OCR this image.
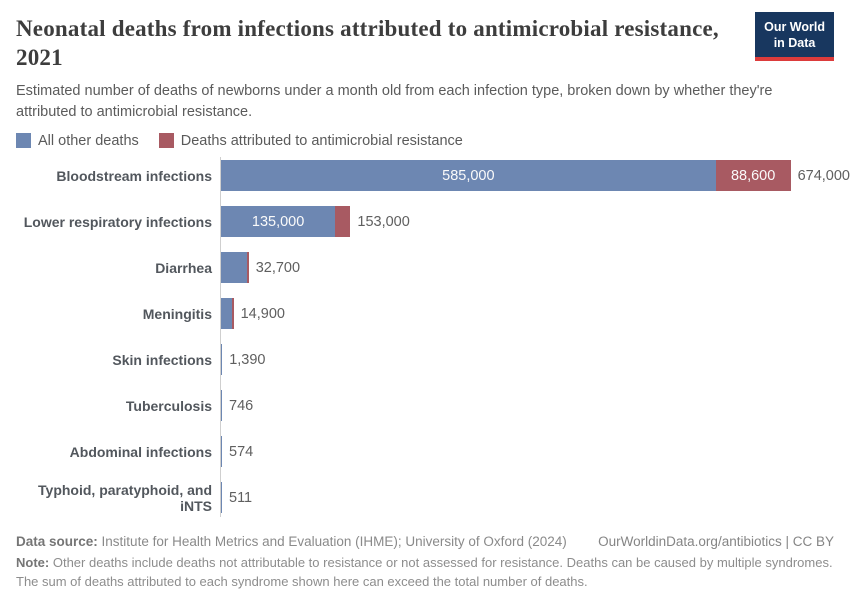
Neonatal deaths from infections attributed to antimicrobial resistance,
2021
Our World
in Data
Estimated number of deaths of newborns under a month old from each infection type, broken down by whether they're attributed to antimicrobial resistance.
All other deaths	Deaths attributed to antimicrobial resistance
Bloodstream infections	585,000	88,600 674,000
Lower respiratory infections	135,000	153,000
Diarrhea	32,700
Meningitis	14,900
Skin infections	1,390
Tuberculosis	746
Abdominal infections	574
Typhoid, paratyphoid, and iNTS	511
Data source: Institute for Health Metrics and Evaluation (IHME); University of Oxford (2024) OurWorldinData.org/antibiotics | CC BY
Note: Other deaths include deaths not attributable to resistance or not assessed for resistance. Deaths can be caused by multiple syndromes. The sum of deaths attributed to each syndrome shown here can exceed the total number of deaths.
